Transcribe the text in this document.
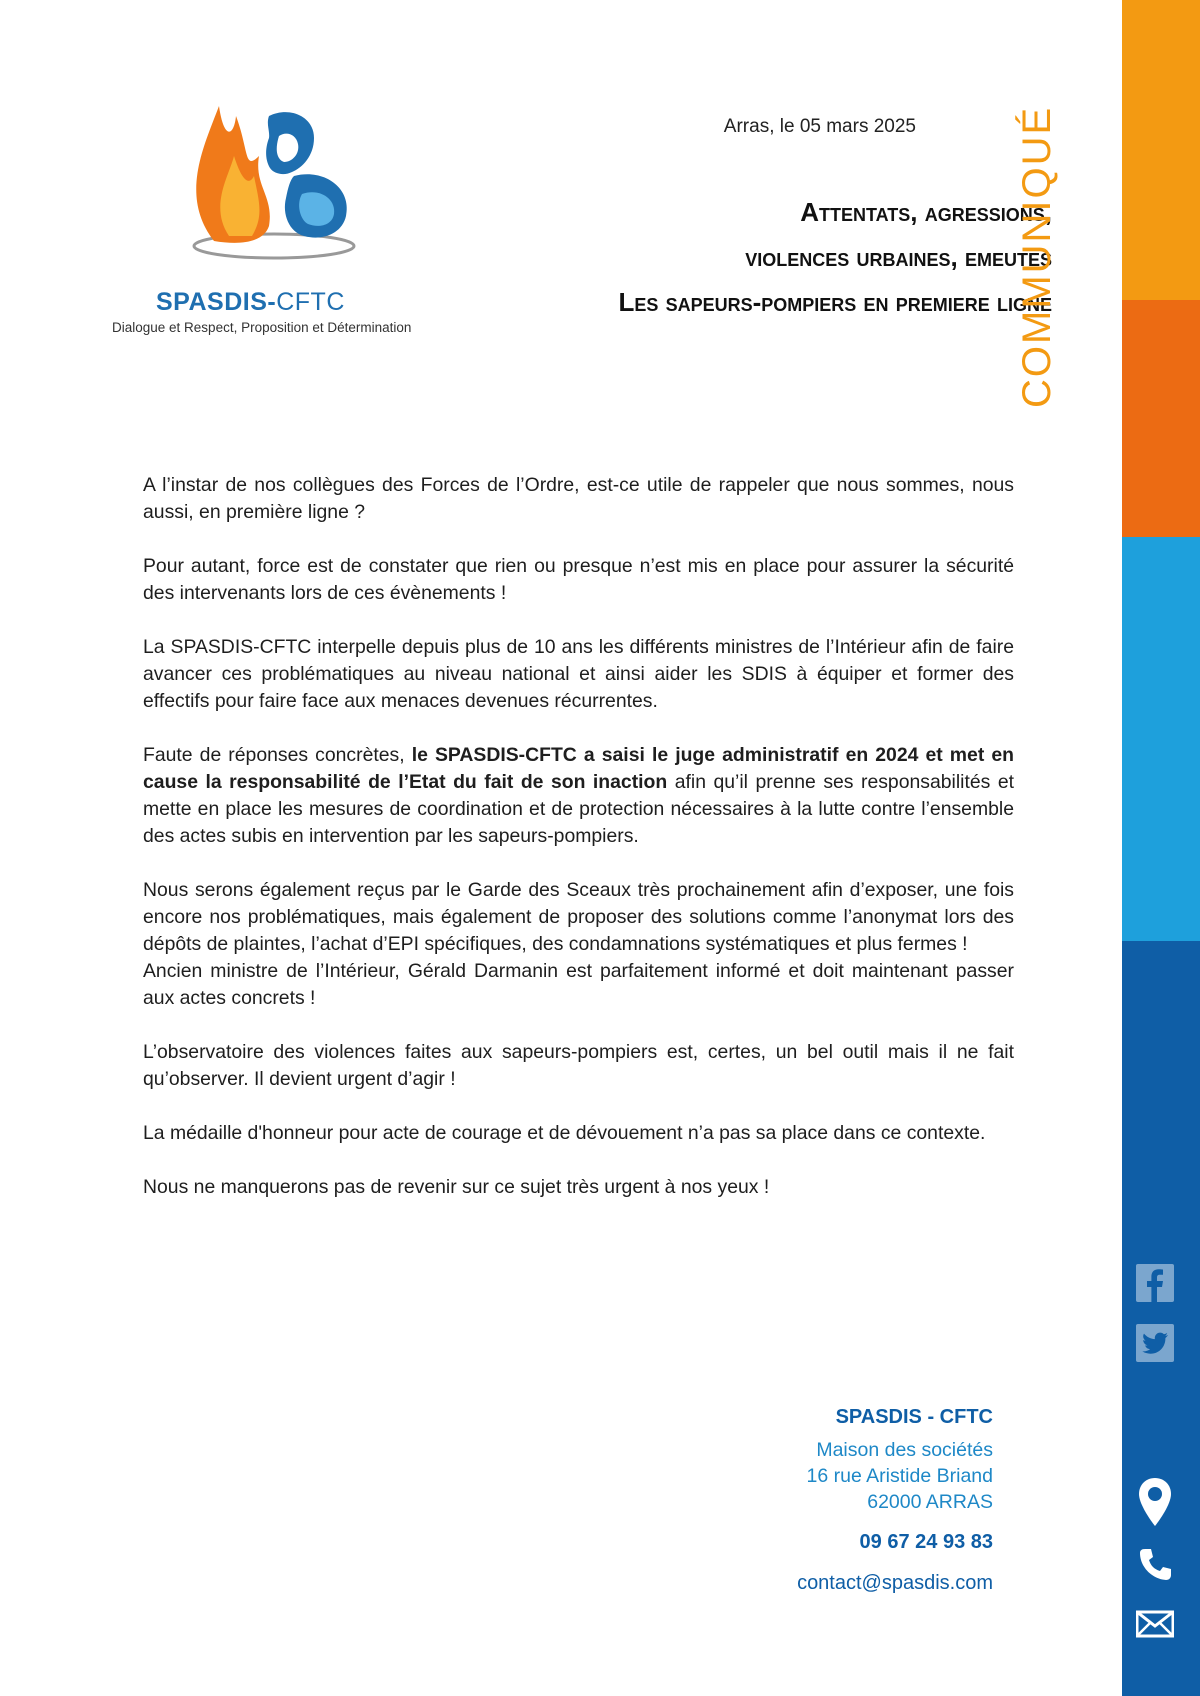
SPASDIS-CFTC
Dialogue et Respect, Proposition et Détermination
Arras, le 05 mars 2025
Attentats, agressions,
violences urbaines, emeutes
Les sapeurs-pompiers en premiere ligne
COMMUNIQUÉ

A l’instar de nos collègues des Forces de l’Ordre, est-ce utile de rappeler que nous sommes, nous aussi, en première ligne ?

Pour autant, force est de constater que rien ou presque n’est mis en place pour assurer la sécurité des intervenants lors de ces évènements !

La SPASDIS-CFTC interpelle depuis plus de 10 ans les différents ministres de l’Intérieur afin de faire avancer ces problématiques au niveau national et ainsi aider les SDIS à équiper et former des effectifs pour faire face aux menaces devenues récurrentes.

Faute de réponses concrètes, le SPASDIS-CFTC a saisi le juge administratif en 2024 et met en cause la responsabilité de l’Etat du fait de son inaction afin qu’il prenne ses responsabilités et mette en place les mesures de coordination et de protection nécessaires à la lutte contre l’ensemble des actes subis en intervention par les sapeurs-pompiers.

Nous serons également reçus par le Garde des Sceaux très prochainement afin d’exposer, une fois encore nos problématiques, mais également de proposer des solutions comme l’anonymat lors des dépôts de plaintes, l’achat d’EPI spécifiques, des condamnations systématiques et plus fermes !

Ancien ministre de l’Intérieur, Gérald Darmanin est parfaitement informé et doit maintenant passer aux actes concrets !

L’observatoire des violences faites aux sapeurs-pompiers est, certes, un bel outil mais il ne fait qu’observer. Il devient urgent d’agir !

La médaille d'honneur pour acte de courage et de dévouement n’a pas sa place dans ce contexte.

Nous ne manquerons pas de revenir sur ce sujet très urgent à nos yeux !

SPASDIS - CFTC
Maison des sociétés
16 rue Aristide Briand
62000 ARRAS
09 67 24 93 83
contact@spasdis.com
